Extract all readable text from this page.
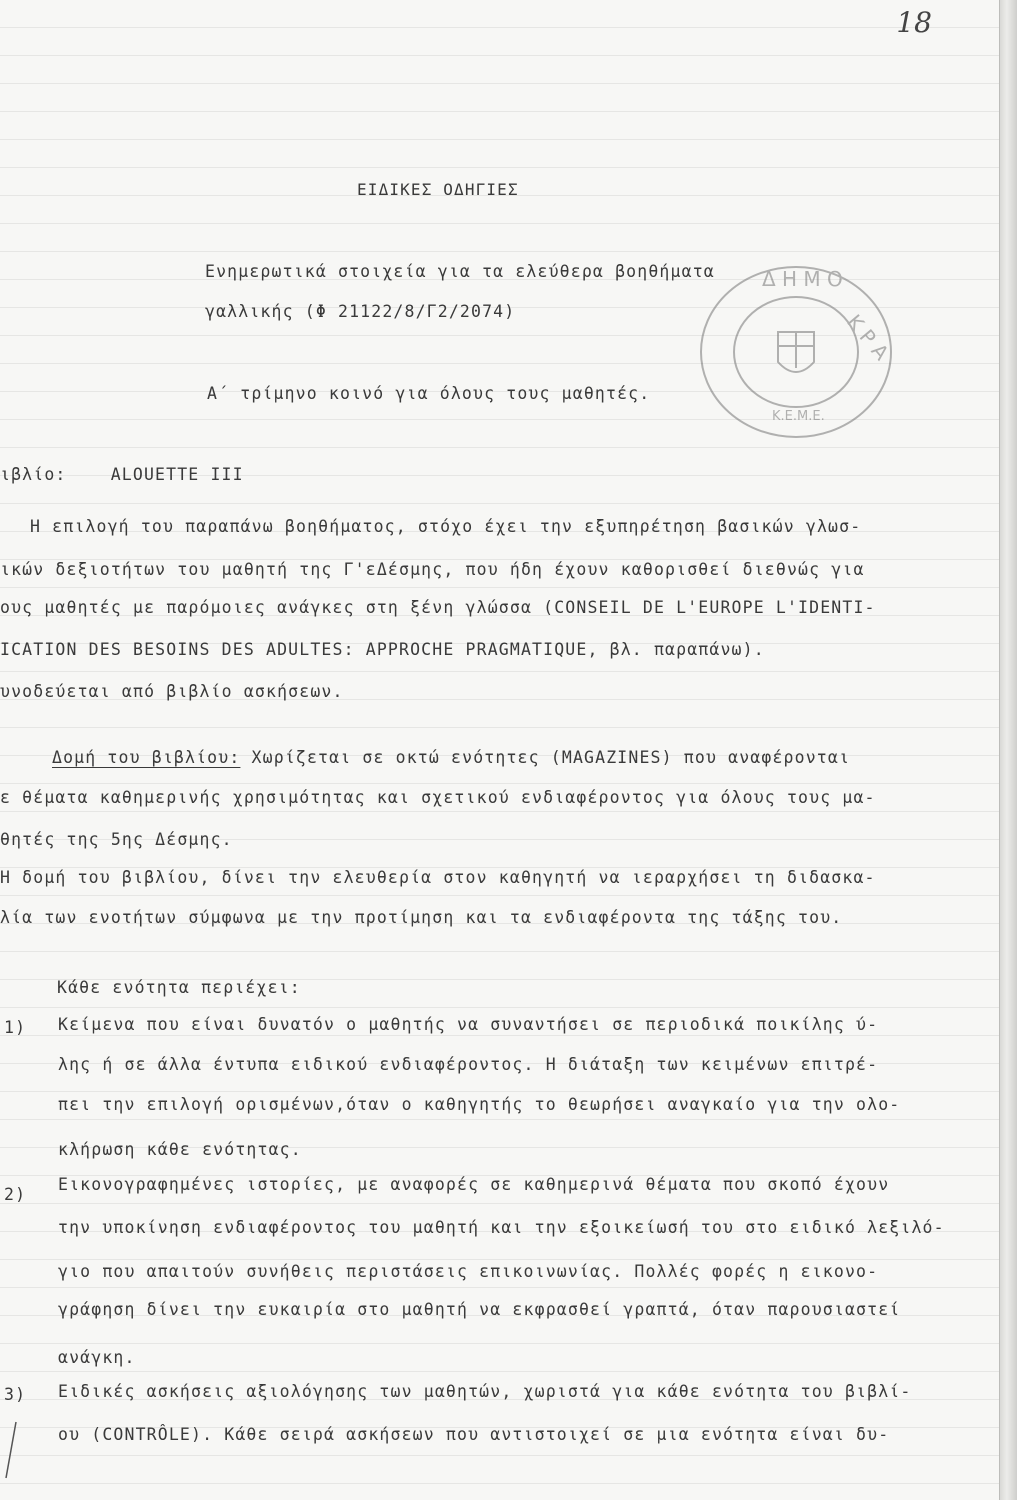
18
Δ Η Μ Ο
Κ Ρ Α
Κ.Ε.Μ.Ε.
ΕΙΔΙΚΕΣ ΟΔΗΓΙΕΣ
Ενημερωτικά στοιχεία για τα ελεύθερα βοηθήματα
γαλλικής (Φ 21122/8/Γ2/2074)
Α΄ τρίμηνο κοινό για όλους τους μαθητές.
ιβλίο:	ALOUETTE III
Η επιλογή του παραπάνω βοηθήματος, στόχο έχει την εξυπηρέτηση βασικών γλωσ-
ικών δεξιοτήτων του μαθητή της Γ'εΔέσμης, που ήδη έχουν καθορισθεί διεθνώς για
ους μαθητές με παρόμοιες ανάγκες στη ξένη γλώσσα (CONSEIL DE L'EUROPE L'IDENTI-
ICATION DES BESOINS DES ADULTES: APPROCHE PRAGMATIQUE, βλ. παραπάνω).
υνοδεύεται από βιβλίο ασκήσεων.
Δομή του βιβλίου: Χωρίζεται σε οκτώ ενότητες (MAGAZINES) που αναφέρονται
ε θέματα καθημερινής χρησιμότητας και σχετικού ενδιαφέροντος για όλους τους μα-
θητές της 5ης Δέσμης.
Η δομή του βιβλίου, δίνει την ελευθερία στον καθηγητή να ιεραρχήσει τη διδασκα-
λία των ενοτήτων σύμφωνα με την προτίμηση και τα ενδιαφέροντα της τάξης του.
Κάθε ενότητα περιέχει:
1) Κείμενα που είναι δυνατόν ο μαθητής να συναντήσει σε περιοδικά ποικίλης ύ-
λης ή σε άλλα έντυπα ειδικού ενδιαφέροντος. Η διάταξη των κειμένων επιτρέ-
πει την επιλογή ορισμένων,όταν ο καθηγητής το θεωρήσει αναγκαίο για την ολο-
κλήρωση κάθε ενότητας.
2)
Εικονογραφημένες ιστορίες, με αναφορές σε καθημερινά θέματα που σκοπό έχουν
την υποκίνηση ενδιαφέροντος του μαθητή και την εξοικείωσή του στο ειδικό λεξιλό-
γιο που απαιτούν συνήθεις περιστάσεις επικοινωνίας. Πολλές φορές η εικονο-
γράφηση δίνει την ευκαιρία στο μαθητή να εκφρασθεί γραπτά, όταν παρουσιαστεί
ανάγκη.
3) Ειδικές ασκήσεις αξιολόγησης των μαθητών, χωριστά για κάθε ενότητα του βιβλί-
ου (CONTRÔLE). Κάθε σειρά ασκήσεων που αντιστοιχεί σε μια ενότητα είναι δυ-
